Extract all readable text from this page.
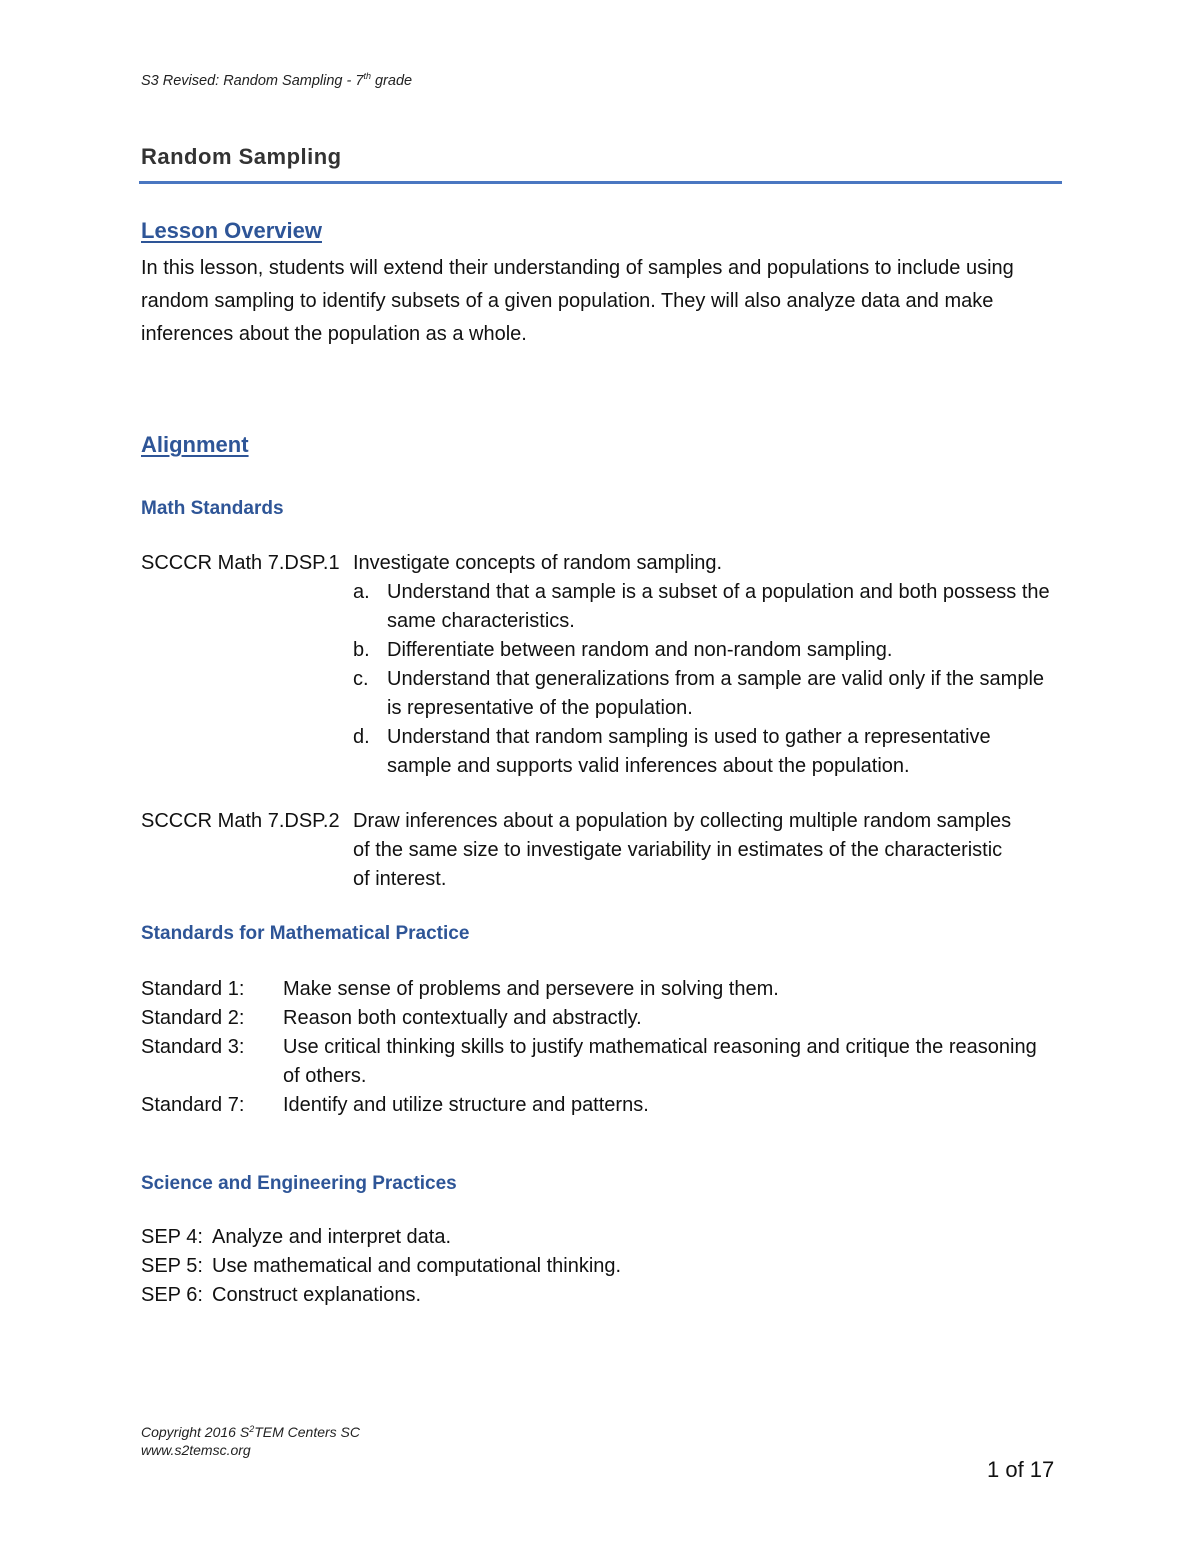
S3 Revised: Random Sampling - 7th grade
Random Sampling
Lesson Overview
In this lesson, students will extend their understanding of samples and populations to include using random sampling to identify subsets of a given population. They will also analyze data and make inferences about the population as a whole.
Alignment
Math Standards
SCCCR Math 7.DSP.1 Investigate concepts of random sampling.
a. Understand that a sample is a subset of a population and both possess the same characteristics.
b. Differentiate between random and non-random sampling.
c. Understand that generalizations from a sample are valid only if the sample is representative of the population.
d. Understand that random sampling is used to gather a representative sample and supports valid inferences about the population.
SCCCR Math 7.DSP.2 Draw inferences about a population by collecting multiple random samples of the same size to investigate variability in estimates of the characteristic of interest.
Standards for Mathematical Practice
Standard 1:	Make sense of problems and persevere in solving them.
Standard 2:	Reason both contextually and abstractly.
Standard 3:	Use critical thinking skills to justify mathematical reasoning and critique the reasoning of others.
Standard 7:	Identify and utilize structure and patterns.
Science and Engineering Practices
SEP 4: Analyze and interpret data.
SEP 5: Use mathematical and computational thinking.
SEP 6: Construct explanations.
Copyright 2016 $S^2TEM$ Centers SC
www.s2temsc.org
1 of 17
